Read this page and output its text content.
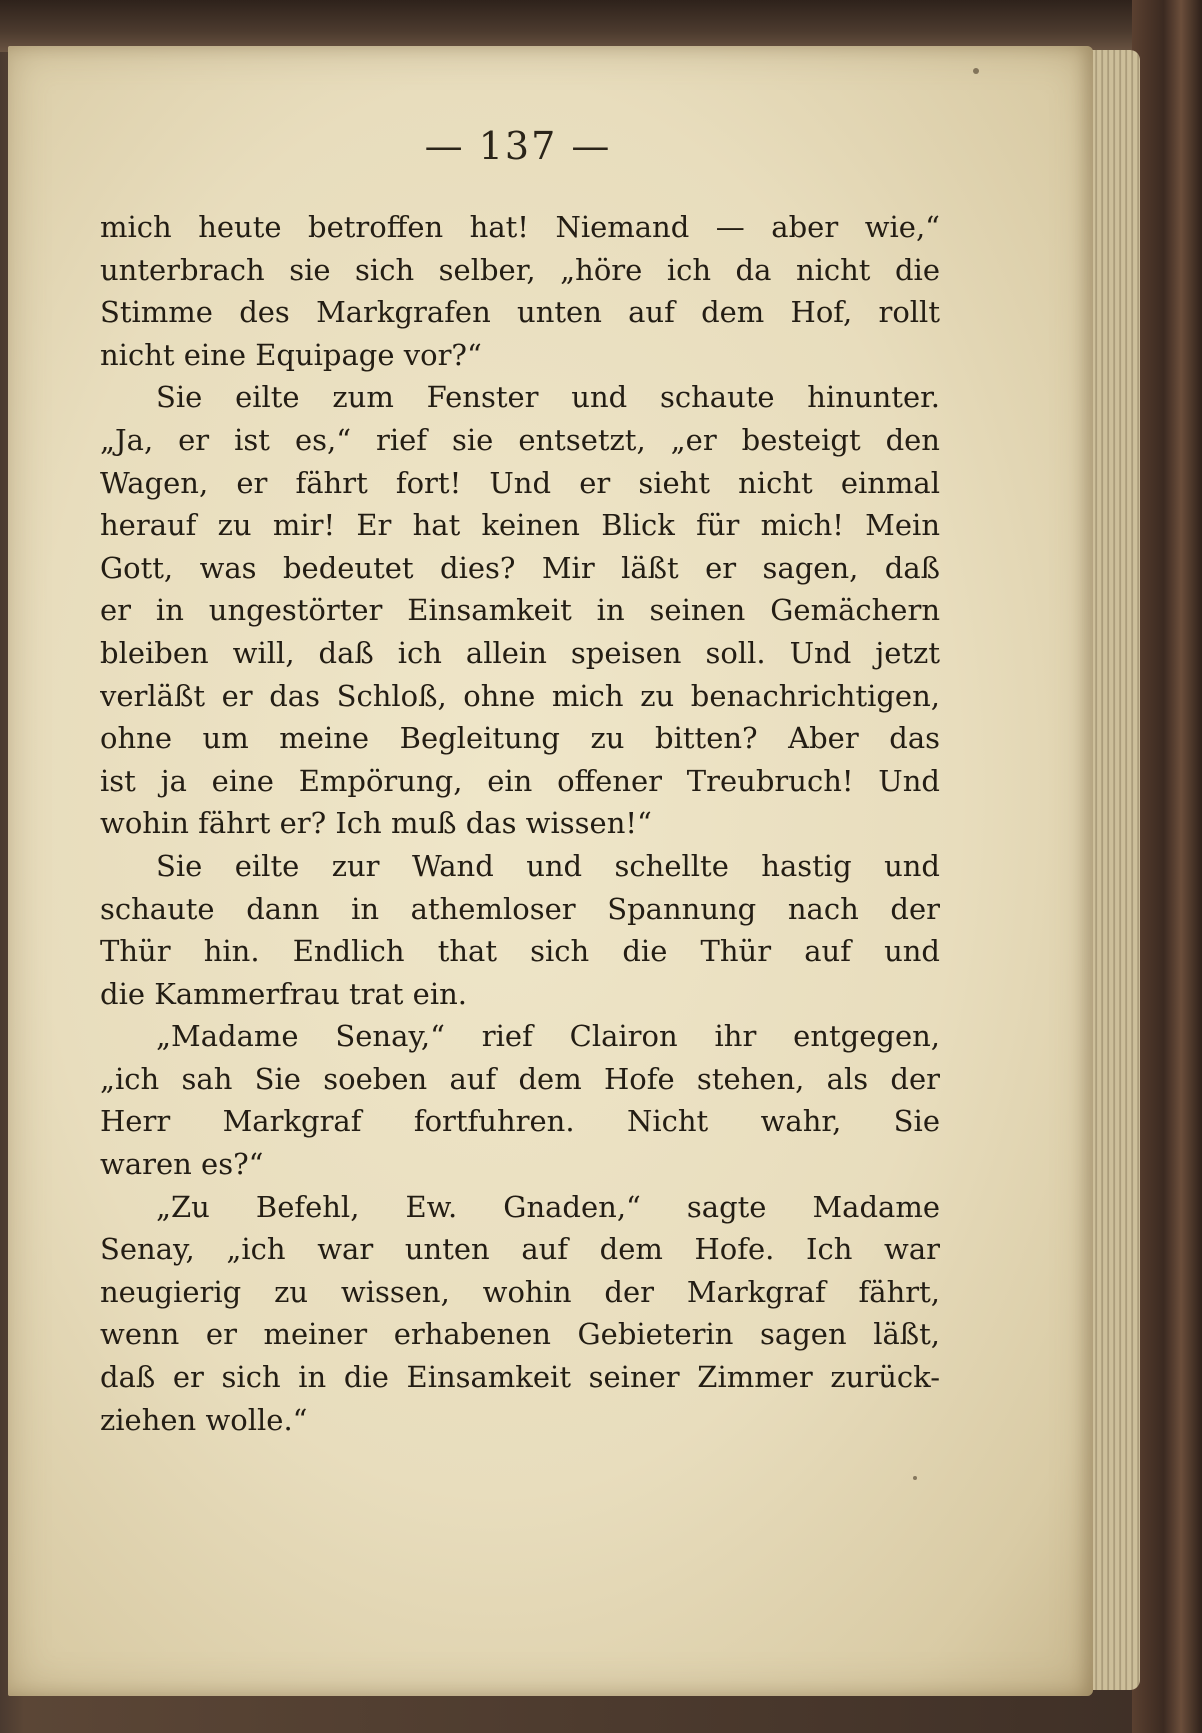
— 137 —
mich heute betroffen hat! Niemand — aber wie,“
unterbrach sie sich selber, „höre ich da nicht die
Stimme des Markgrafen unten auf dem Hof, rollt
nicht eine Equipage vor?“
Sie eilte zum Fenster und schaute hinunter.
„Ja, er ist es,“ rief sie entsetzt, „er besteigt den
Wagen, er fährt fort! Und er sieht nicht einmal
herauf zu mir! Er hat keinen Blick für mich! Mein
Gott, was bedeutet dies? Mir läßt er sagen, daß
er in ungestörter Einsamkeit in seinen Gemächern
bleiben will, daß ich allein speisen soll. Und jetzt
verläßt er das Schloß, ohne mich zu benachrichtigen,
ohne um meine Begleitung zu bitten? Aber das
ist ja eine Empörung, ein offener Treubruch! Und
wohin fährt er? Ich muß das wissen!“
Sie eilte zur Wand und schellte hastig und
schaute dann in athemloser Spannung nach der
Thür hin. Endlich that sich die Thür auf und
die Kammerfrau trat ein.
„Madame Senay,“ rief Clairon ihr entgegen,
„ich sah Sie soeben auf dem Hofe stehen, als der
Herr Markgraf fortfuhren. Nicht wahr, Sie
waren es?“
„Zu Befehl, Ew. Gnaden,“ sagte Madame
Senay, „ich war unten auf dem Hofe. Ich war
neugierig zu wissen, wohin der Markgraf fährt,
wenn er meiner erhabenen Gebieterin sagen läßt,
daß er sich in die Einsamkeit seiner Zimmer zurück-
ziehen wolle.“
